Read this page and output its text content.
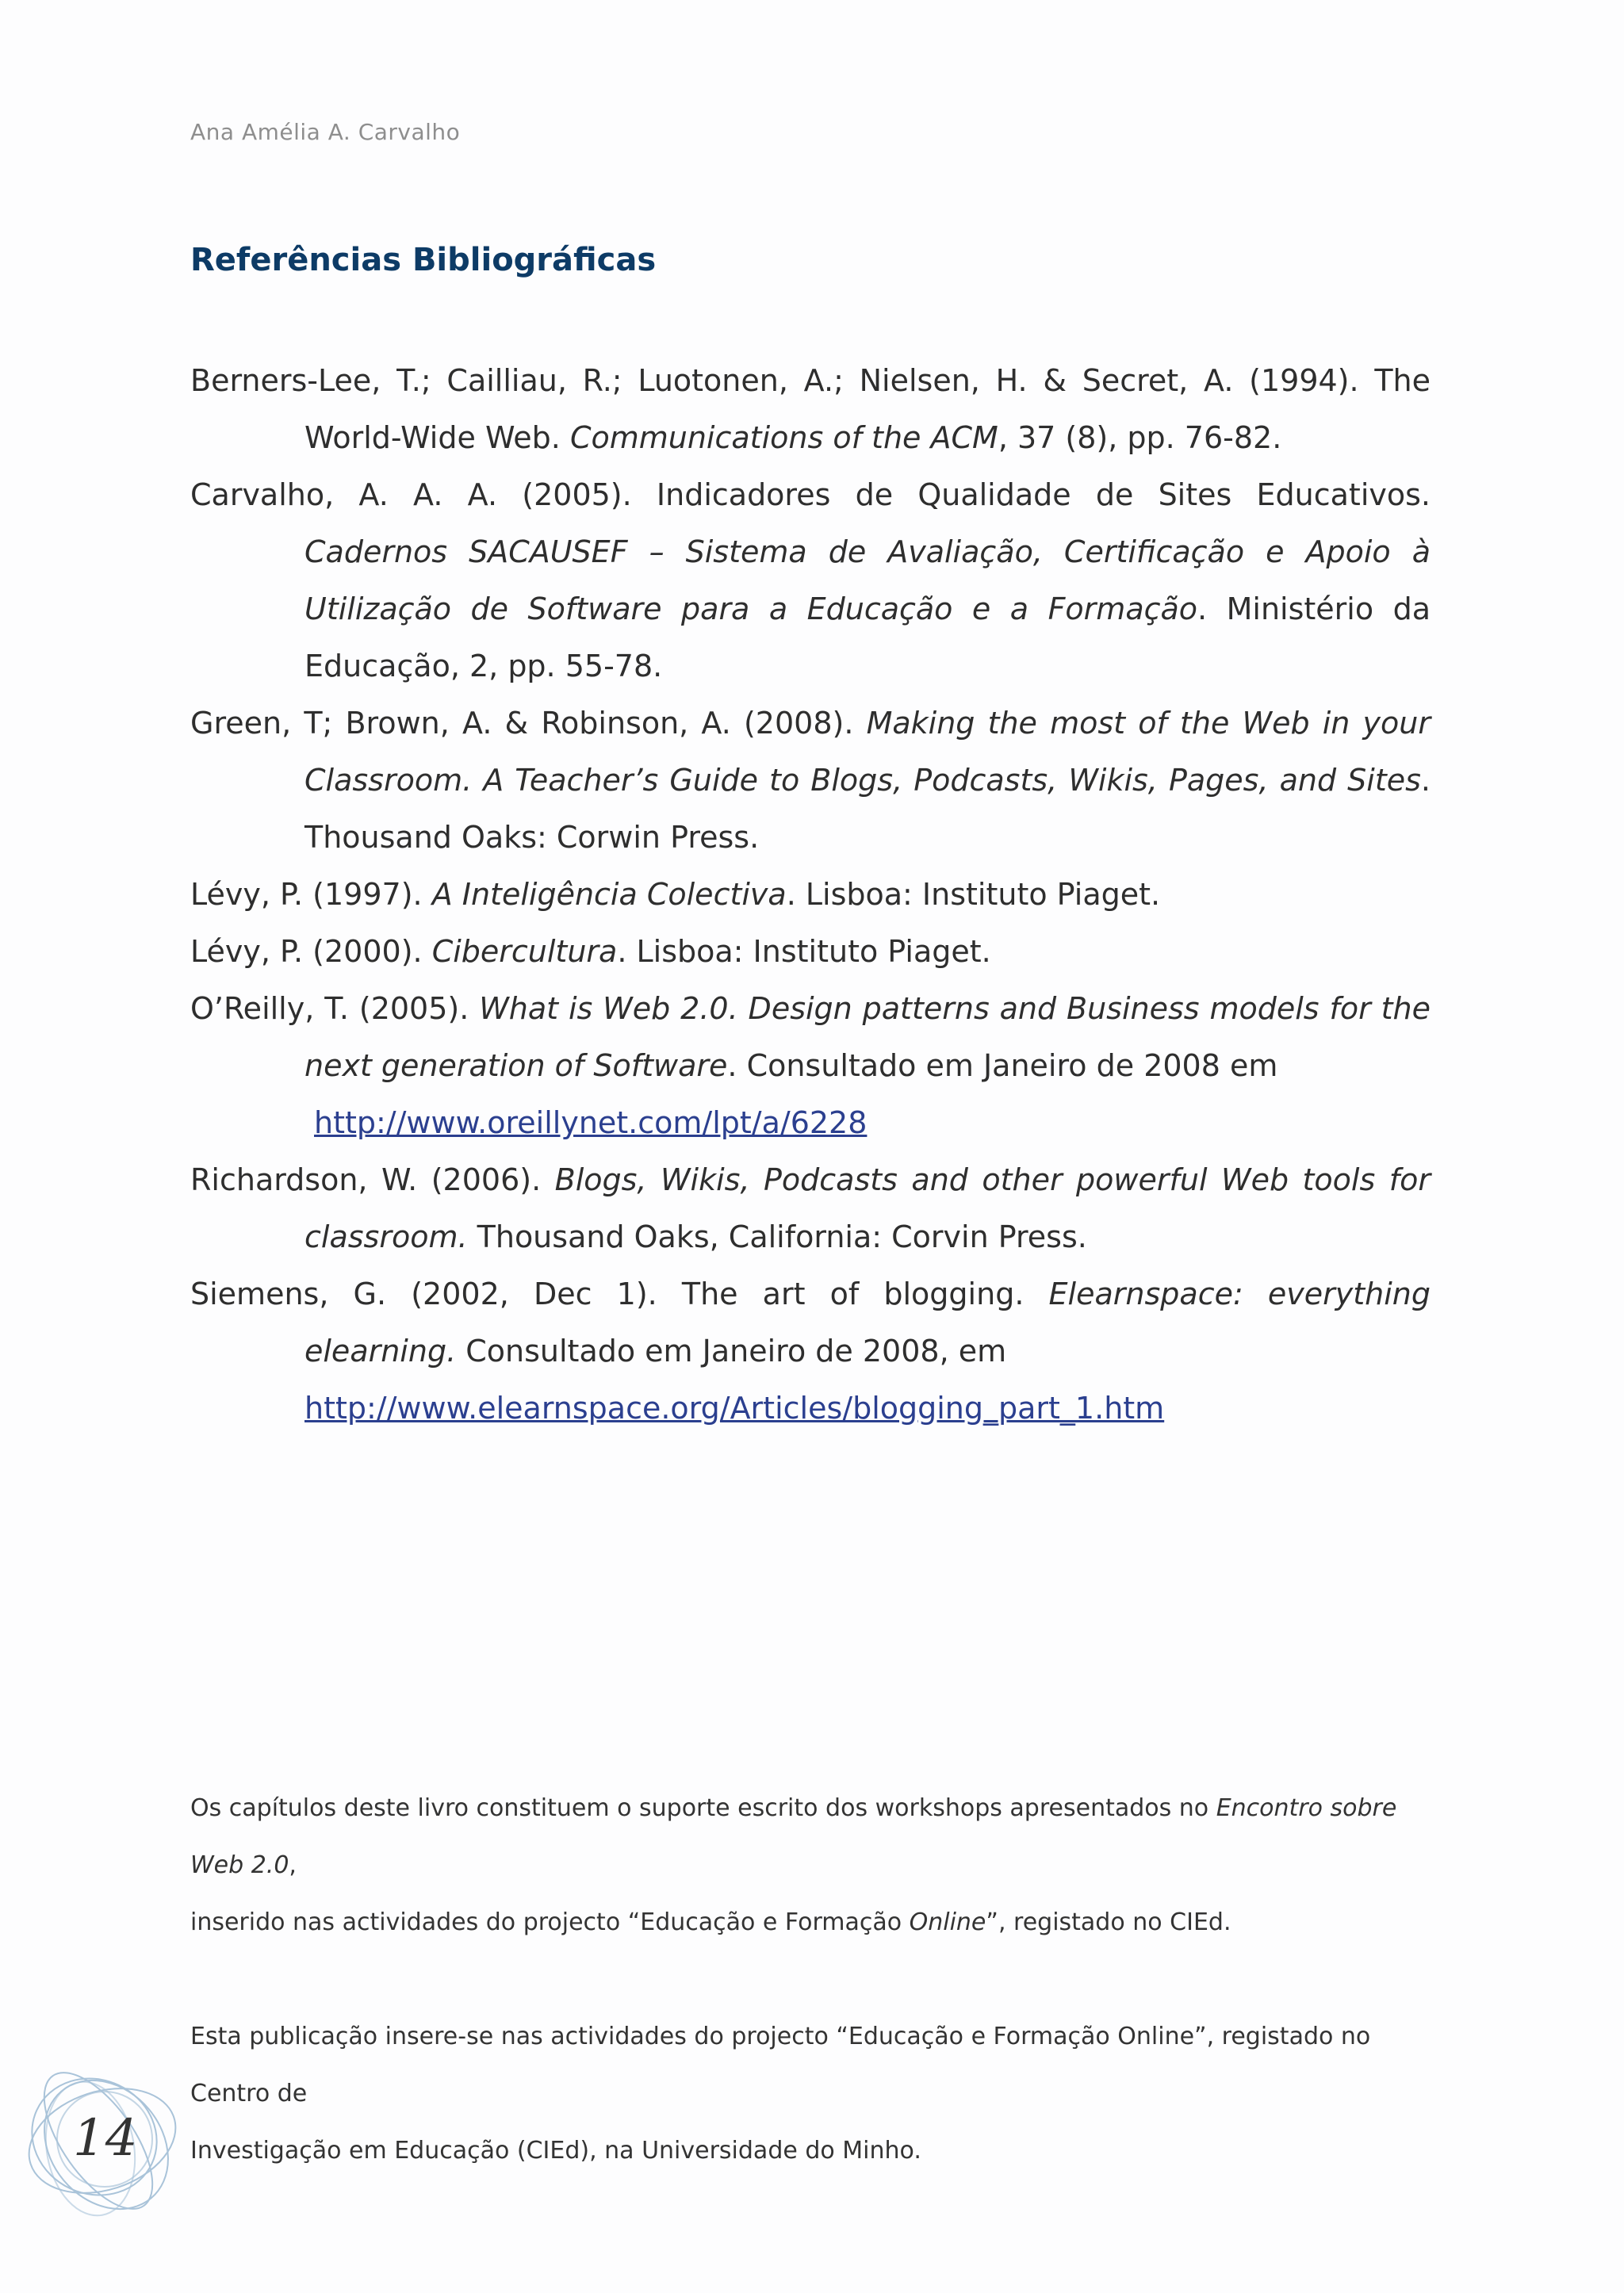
Ana Amélia A. Carvalho
Referências Bibliográficas

Berners-Lee, T.; Cailliau, R.; Luotonen, A.; Nielsen, H. & Secret, A. (1994). The World-Wide Web. Communications of the ACM, 37 (8), pp. 76-82.

Carvalho, A. A. A. (2005). Indicadores de Qualidade de Sites Educativos. Cadernos SACAUSEF – Sistema de Avaliação, Certificação e Apoio à Utilização de Software para a Educação e a Formação. Ministério da Educação, 2, pp. 55-78.

Green, T; Brown, A. & Robinson, A. (2008). Making the most of the Web in your Classroom. A Teacher’s Guide to Blogs, Podcasts, Wikis, Pages, and Sites. Thousand Oaks: Corwin Press.

Lévy, P. (1997). A Inteligência Colectiva. Lisboa: Instituto Piaget.

Lévy, P. (2000). Cibercultura. Lisboa: Instituto Piaget.

O’Reilly, T. (2005). What is Web 2.0. Design patterns and Business models for the next generation of Software. Consultado em Janeiro de 2008 em
http://www.oreillynet.com/lpt/a/6228

Richardson, W. (2006). Blogs, Wikis, Podcasts and other powerful Web tools for classroom. Thousand Oaks, California: Corvin Press.

Siemens, G. (2002, Dec 1). The art of blogging. Elearnspace: everything elearning. Consultado em Janeiro de 2008, em
http://www.elearnspace.org/Articles/blogging_part_1.htm

Os capítulos deste livro constituem o suporte escrito dos workshops apresentados no Encontro sobre Web 2.0,

inserido nas actividades do projecto “Educação e Formação Online”, registado no CIEd.

Esta publicação insere-se nas actividades do projecto “Educação e Formação Online”, registado no Centro de

Investigação em Educação (CIEd), na Universidade do Minho.

14
